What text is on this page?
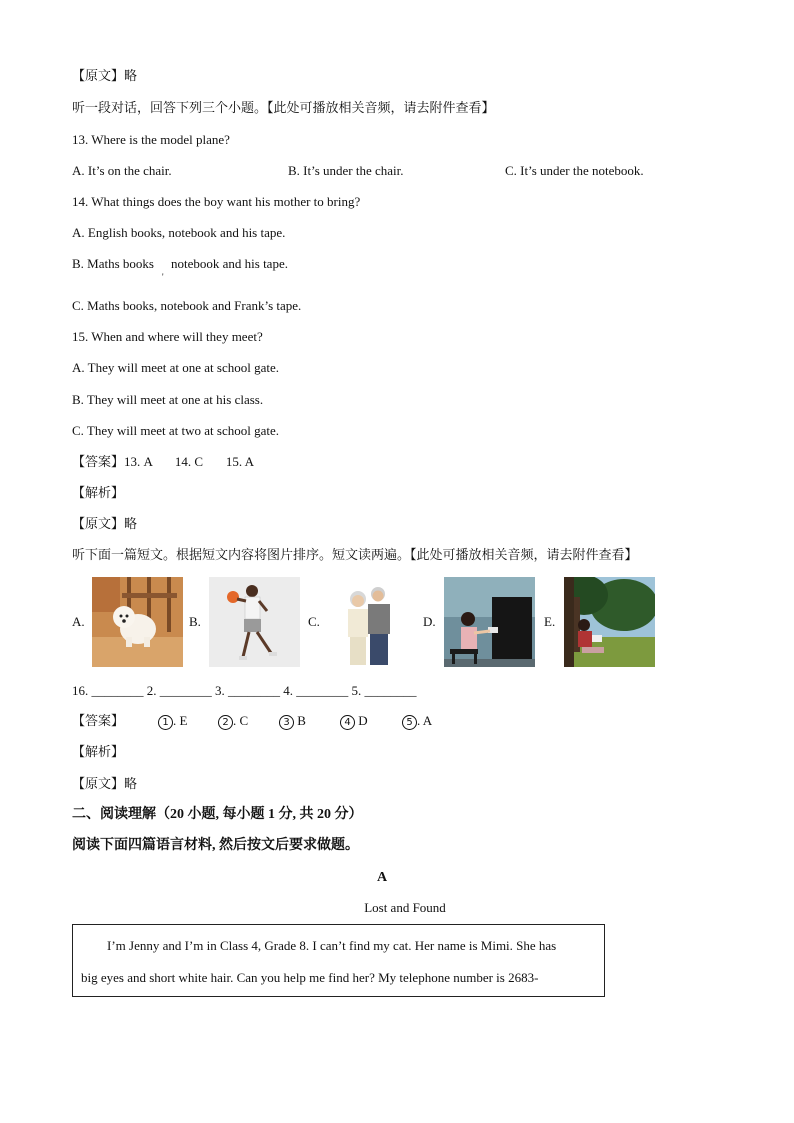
【原文】略
听一段对话，回答下列三个小题。【此处可播放相关音频，请去附件查看】
13. Where is the model plane?
A. It’s on the chair.	B. It’s under the chair.	C. It’s under the notebook.
14. What things does the boy want his mother to bring?
A. English books, notebook and his tape.
B. Maths books notebook and his tape.
'
C. Maths books, notebook and Frank’s tape.
15. When and where will they meet?
A. They will meet at one at school gate.
B. They will meet at one at his class.
C. They will meet at two at school gate.
【答案】13. A       14. C       15. A
【解析】
【原文】略
听下面一篇短文。根据短文内容将图片排序。短文读两遍。【此处可播放相关音频，请去附件查看】
A.	B.	C.	D.	E.
16. ________ 2. ________ 3. ________ 4. ________ 5. ________
【答案】	1 . E	2 . C	3 B	4 D	5 . A
【解析】
【原文】略
二、阅读理解（20 小题, 每小题 1 分, 共 20 分）
阅读下面四篇语言材料, 然后按文后要求做题。
A
Lost and Found
I’m Jenny and I’m in Class 4, Grade 8. I can’t find my cat. Her name is Mimi. She has
big eyes and short white hair. Can you help me find her? My telephone number is 2683-
